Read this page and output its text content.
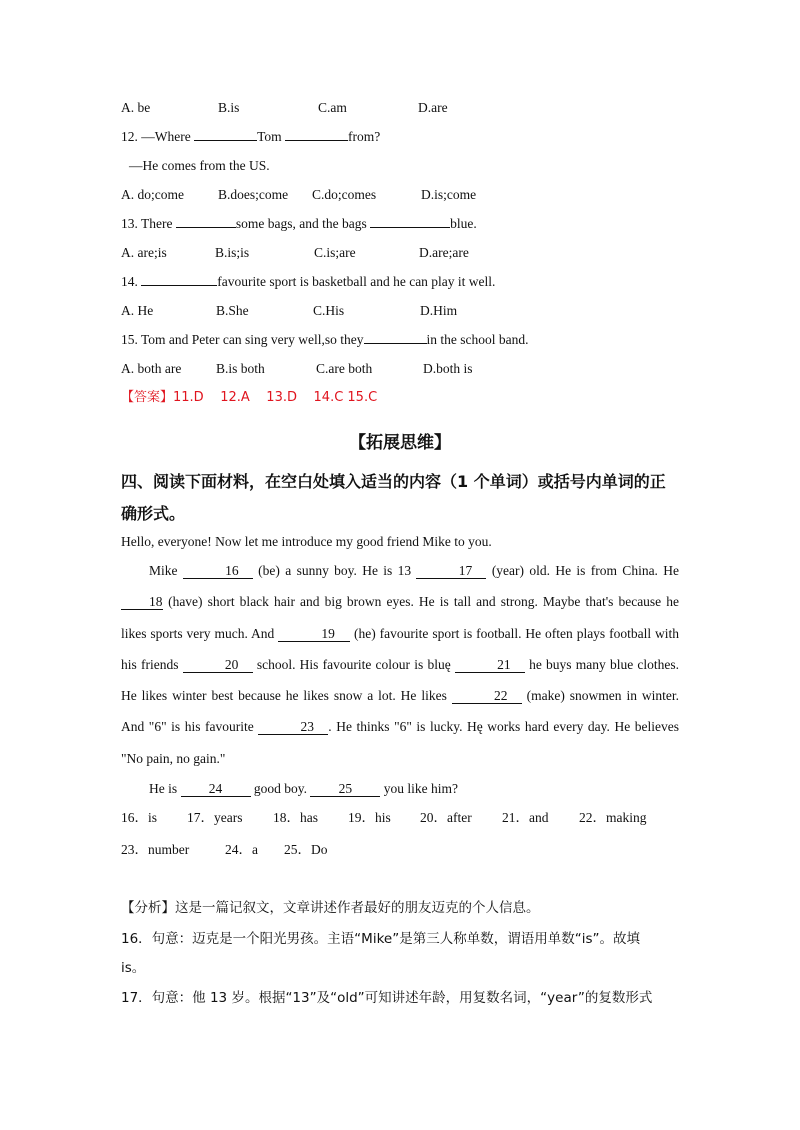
A. be	B.is	C.am	D.are
12. —Where	Tom	from?
—He comes from the US.
A. do;come	B.does;come C.do;comes	D.is;come
13. There	some bags, and the bags	blue.
A. are;is	B.is;is	C.is;are	D.are;are
14.	favourite sport is basketball and he can play it well.
A. He	B.She	C.His	D.Him
15. Tom and Peter can sing very well,so they	in the school band.
A. both are	B.is both	C.are both	D.both is
【答案】11.D    12.A    13.D    14.C 15.C
【拓展思维】
四、阅读下面材料，在空白处填入适当的内容（1 个单词）或括号内单词的正确形式。
Hello, everyone! Now let me introduce my good friend Mike to you.
Mike	16 (be) a sunny boy. He is 13	17 (year) old. He is from China. He 18 (have) short black hair and big brown eyes. He is tall and strong. Maybe that's because he likes sports very much. And	19 (he) favourite sport is football. He often plays football with his friends	20 school. His favourite colour is bluę	21 he buys many blue clothes. He likes winter best because he likes snow a lot. He likes	22 (make) snowmen in winter. And "6" is his favourite	23 . He thinks "6" is lucky. Hę works hard every day. He believes "No pain, no gain."
He is 24 good boy. 25 you like him?
16．is 17．years 18．has 19．his 20．after 21．and 22．making
23．number	24．a 25．Do
【分析】这是一篇记叙文，文章讲述作者最好的朋友迈克的个人信息。
16．句意：迈克是一个阳光男孩。主语“Mike”是第三人称单数，谓语用单数“is”。故填
is。
17．句意：他 13 岁。根据“13”及“old”可知讲述年龄，用复数名词，“year”的复数形式
